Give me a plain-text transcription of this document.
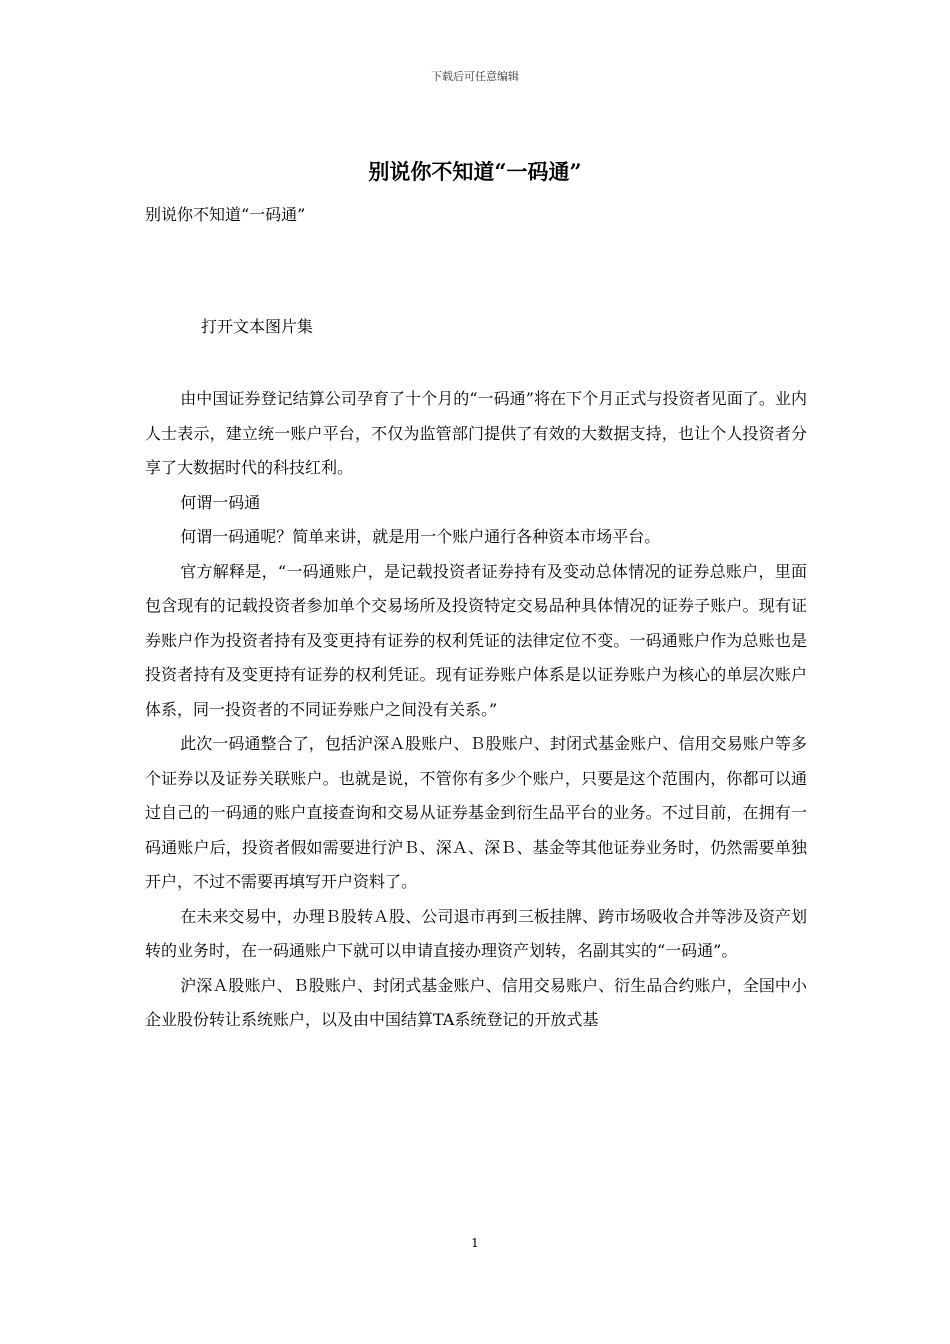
下载后可任意编辑
别说你不知道“一码通”

别说你不知道“一码通”

打开文本图片集

由中国证券登记结算公司孕育了十个月的“一码通”将在下个月正式与投资者见面了。业内人士表示，建立统一账户平台，不仅为监管部门提供了有效的大数据支持，也让个人投资者分享了大数据时代的科技红利。

何谓一码通

何谓一码通呢？简单来讲，就是用一个账户通行各种资本市场平台。

官方解释是，“一码通账户，是记载投资者证券持有及变动总体情况的证券总账户，里面包含现有的记载投资者参加单个交易场所及投资特定交易品种具体情况的证券子账户。现有证券账户作为投资者持有及变更持有证券的权利凭证的法律定位不变。一码通账户作为总账也是投资者持有及变更持有证券的权利凭证。现有证券账户体系是以证券账户为核心的单层次账户体系，同一投资者的不同证券账户之间没有关系。”

此次一码通整合了，包括沪深Ａ股账户、Ｂ股账户、封闭式基金账户、信用交易账户等多个证券以及证券关联账户。也就是说，不管你有多少个账户，只要是这个范围内，你都可以通过自己的一码通的账户直接查询和交易从证券基金到衍生品平台的业务。不过目前，在拥有一码通账户后，投资者假如需要进行沪Ｂ、深Ａ、深Ｂ、基金等其他证券业务时，仍然需要单独开户，不过不需要再填写开户资料了。

在未来交易中，办理Ｂ股转Ａ股、公司退市再到三板挂牌、跨市场吸收合并等涉及资产划转的业务时，在一码通账户下就可以申请直接办理资产划转，名副其实的“一码通”。

沪深Ａ股账户、Ｂ股账户、封闭式基金账户、信用交易账户、衍生品合约账户，全国中小企业股份转让系统账户，以及由中国结算TA系统登记的开放式基

1
